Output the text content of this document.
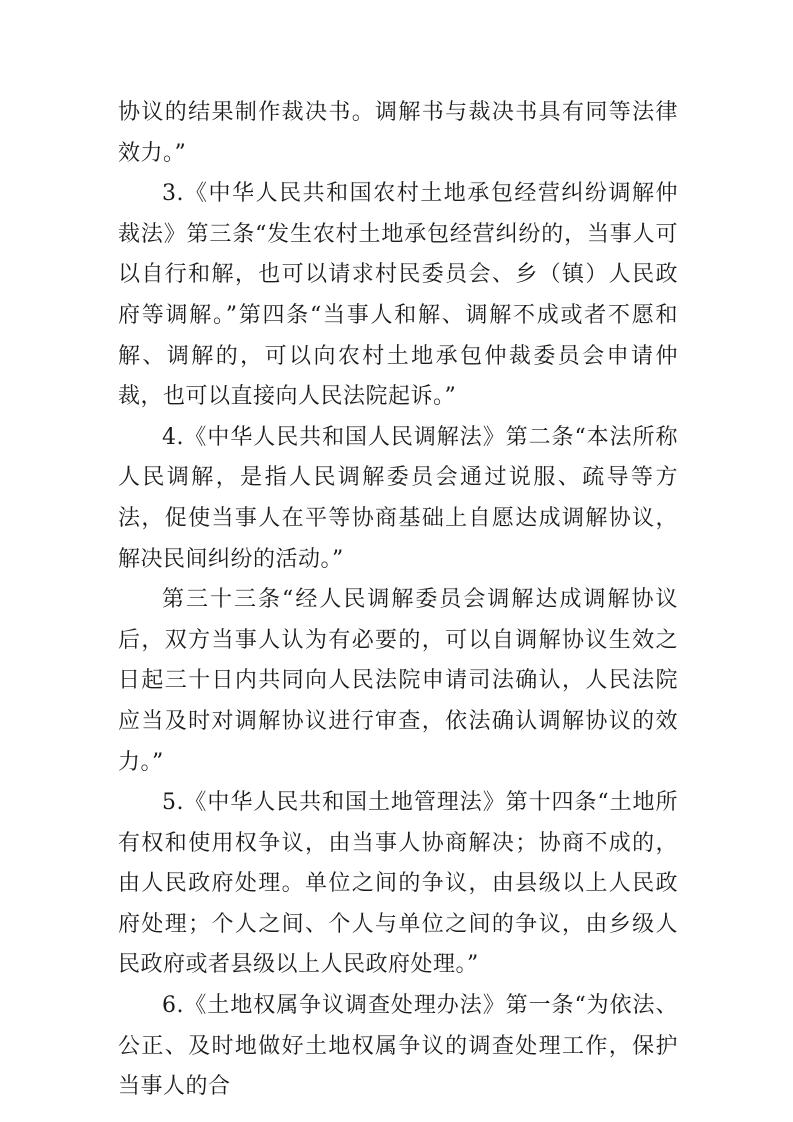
协议的结果制作裁决书。调解书与裁决书具有同等法律效力。”

3.《中华人民共和国农村土地承包经营纠纷调解仲裁法》第三条“发生农村土地承包经营纠纷的，当事人可以自行和解，也可以请求村民委员会、乡（镇）人民政府等调解。”第四条“当事人和解、调解不成或者不愿和解、调解的，可以向农村土地承包仲裁委员会申请仲裁，也可以直接向人民法院起诉。”

4.《中华人民共和国人民调解法》第二条“本法所称人民调解，是指人民调解委员会通过说服、疏导等方法，促使当事人在平等协商基础上自愿达成调解协议，解决民间纠纷的活动。”

第三十三条“经人民调解委员会调解达成调解协议后，双方当事人认为有必要的，可以自调解协议生效之日起三十日内共同向人民法院申请司法确认，人民法院应当及时对调解协议进行审查，依法确认调解协议的效力。”

5.《中华人民共和国土地管理法》第十四条“土地所有权和使用权争议，由当事人协商解决；协商不成的，由人民政府处理。单位之间的争议，由县级以上人民政府处理；个人之间、个人与单位之间的争议，由乡级人民政府或者县级以上人民政府处理。”

6.《土地权属争议调查处理办法》第一条“为依法、公正、及时地做好土地权属争议的调查处理工作，保护当事人的合
